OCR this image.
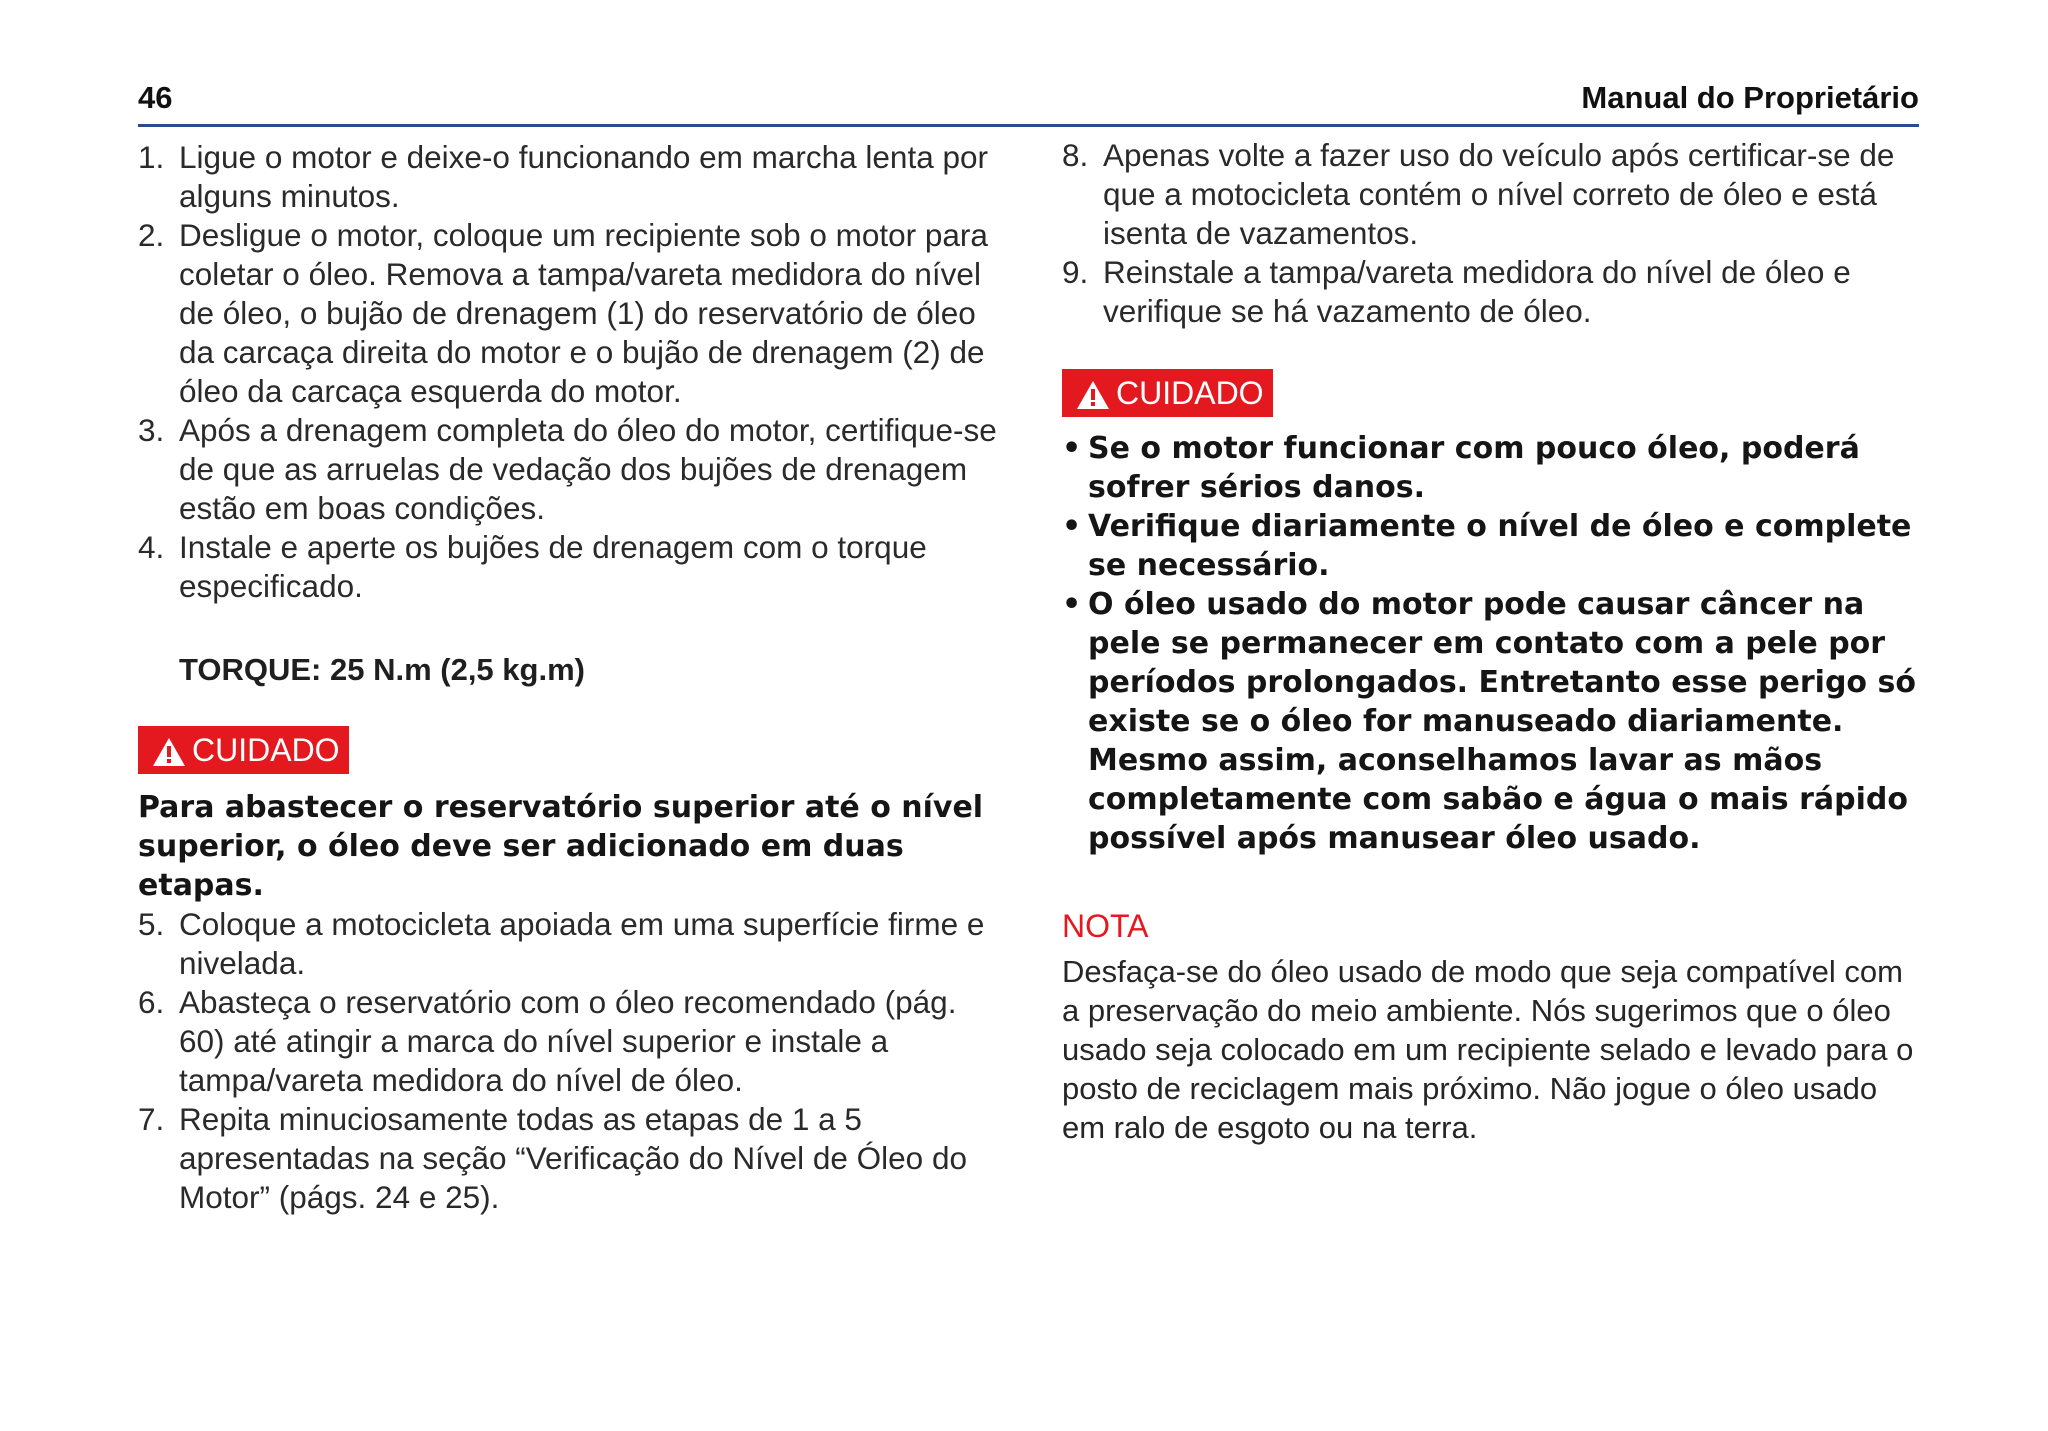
46	Manual do Proprietário
1. Ligue o motor e deixe-o funcionando em marcha lenta por alguns minutos.
2. Desligue o motor, coloque um recipiente sob o motor para coletar o óleo. Remova a tampa/vareta medidora do nível de óleo, o bujão de drenagem (1) do reservatório de óleo da carcaça direita do motor e o bujão de drenagem (2) de óleo da carcaça esquerda do motor.
3. Após a drenagem completa do óleo do motor, certifique-se de que as arruelas de vedação dos bujões de drenagem estão em boas condições.
4. Instale e aperte os bujões de drenagem com o torque especificado.
TORQUE: 25 N.m (2,5 kg.m)
CUIDADO
Para abastecer o reservatório superior até o nível superior, o óleo deve ser adicionado em duas etapas.
5. Coloque a motocicleta apoiada em uma superfície firme e nivelada.
6. Abasteça o reservatório com o óleo recomendado (pág. 60) até atingir a marca do nível superior e instale a tampa/vareta medidora do nível de óleo.
7. Repita minuciosamente todas as etapas de 1 a 5 apresentadas na seção “Verificação do Nível de Óleo do Motor” (págs. 24 e 25).
8. Apenas volte a fazer uso do veículo após certificar-se de que a motocicleta contém o nível correto de óleo e está isenta de vazamentos.
9. Reinstale a tampa/vareta medidora do nível de óleo e verifique se há vazamento de óleo.
CUIDADO
• Se o motor funcionar com pouco óleo, poderá sofrer sérios danos.
• Verifique diariamente o nível de óleo e complete se necessário.
• O óleo usado do motor pode causar câncer na pele se permanecer em contato com a pele por períodos prolongados. Entretanto esse perigo só existe se o óleo for manuseado diariamente. Mesmo assim, aconselhamos lavar as mãos completamente com sabão e água o mais rápido possível após manusear óleo usado.
NOTA
Desfaça-se do óleo usado de modo que seja compatível com a preservação do meio ambiente. Nós sugerimos que o óleo usado seja colocado em um recipiente selado e levado para o posto de reciclagem mais próximo. Não jogue o óleo usado em ralo de esgoto ou na terra.
